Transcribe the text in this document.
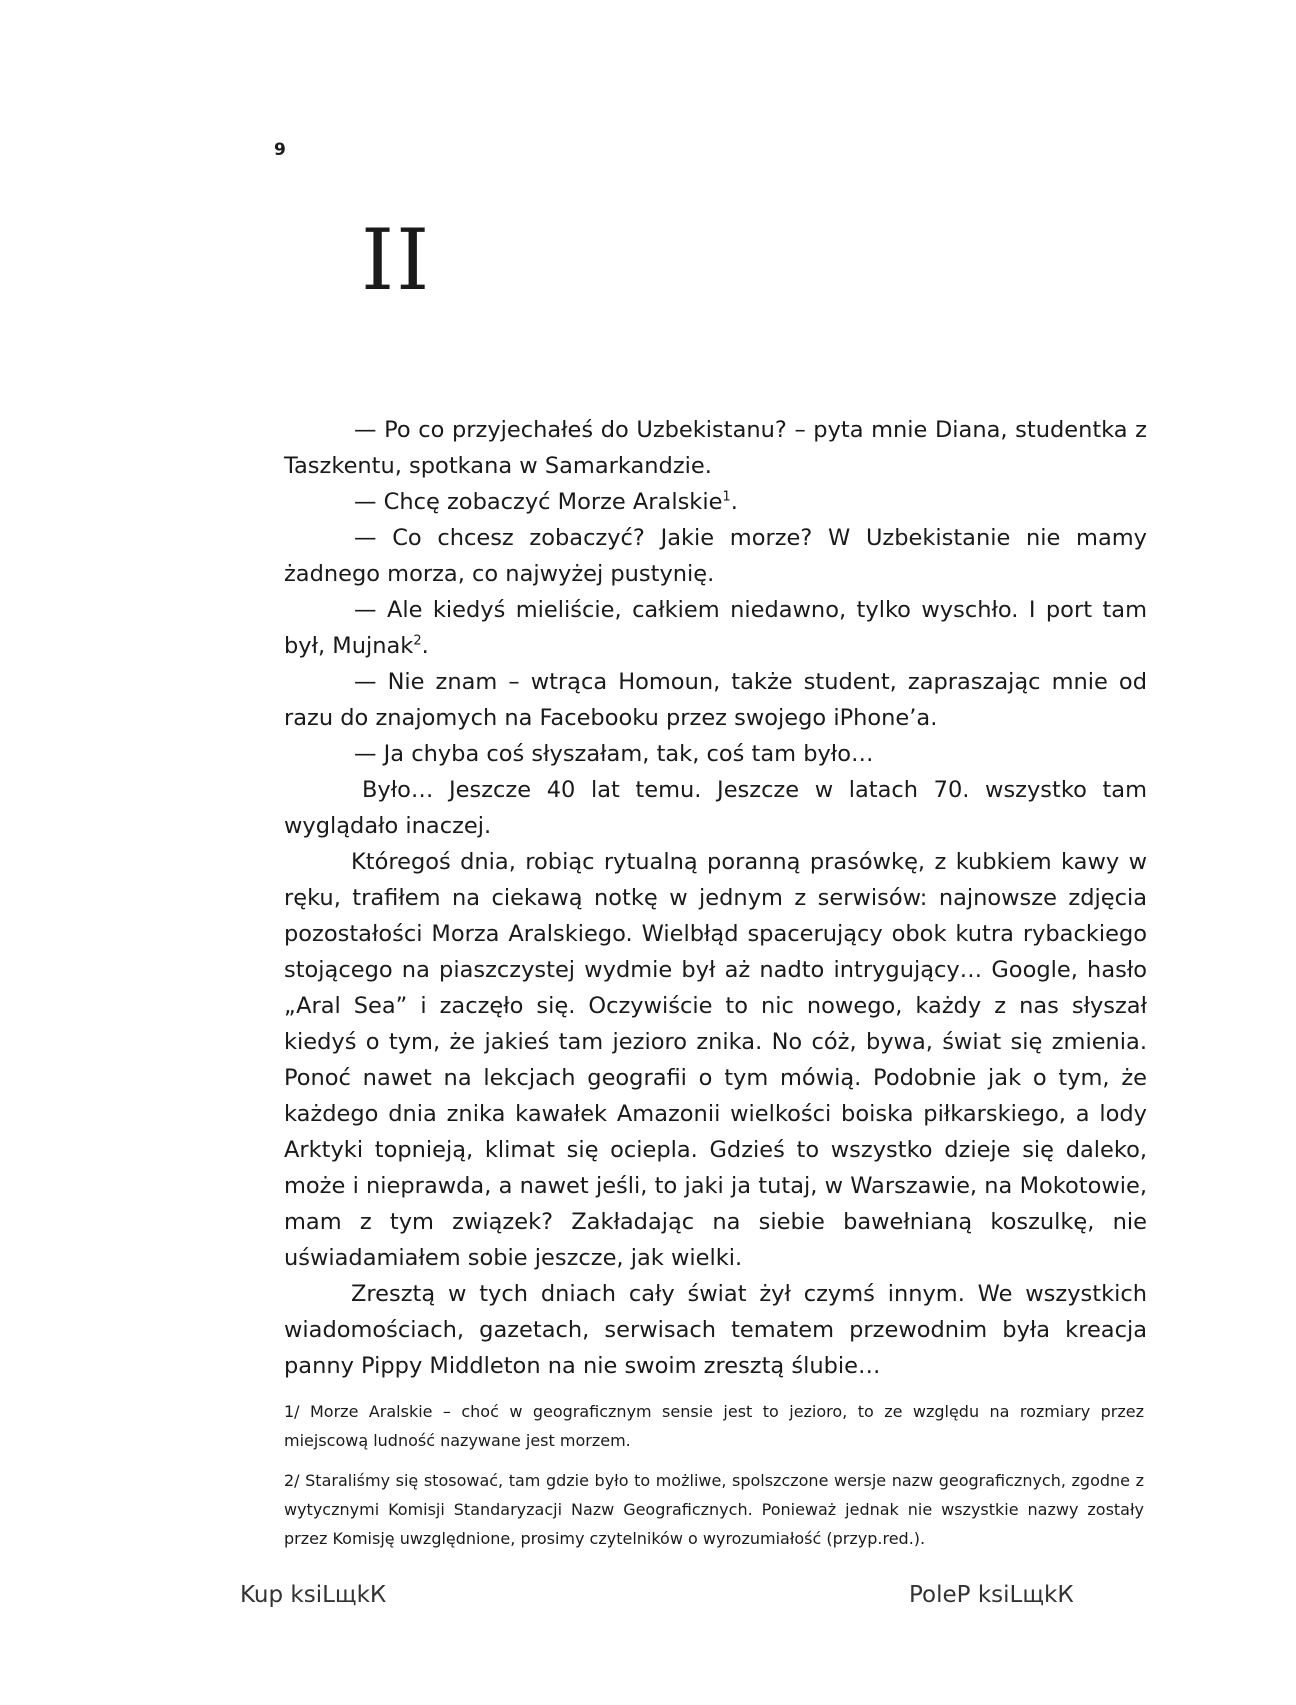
9
II

— Po co przyjechałeś do Uzbekistanu? – pyta mnie Diana, studentka z Taszkentu, spotkana w Samarkandzie.

— Chcę zobaczyć Morze Aralskie$^1$.

— Co chcesz zobaczyć? Jakie morze? W Uzbekistanie nie mamy żadnego morza, co najwyżej pustynię.

— Ale kiedyś mieliście, całkiem niedawno, tylko wyschło. I port tam był, Mujnak$^2$.

— Nie znam – wtrąca Homoun, także student, zapraszając mnie od razu do znajomych na Facebooku przez swojego iPhone’a.

— Ja chyba coś słyszałam, tak, coś tam było…

Było… Jeszcze 40 lat temu. Jeszcze w latach 70. wszystko tam wyglądało inaczej.

Któregoś dnia, robiąc rytualną poranną prasówkę, z kubkiem kawy w ręku, trafiłem na ciekawą notkę w jednym z serwisów: najnowsze zdjęcia pozostałości Morza Aralskiego. Wielbłąd spacerujący obok kutra rybackiego stojącego na piaszczystej wydmie był aż nadto intrygujący… Google, hasło „Aral Sea” i zaczęło się. Oczywiście to nic nowego, każdy z nas słyszał kiedyś o tym, że jakieś tam jezioro znika. No cóż, bywa, świat się zmienia. Ponoć nawet na lekcjach geografii o tym mówią. Podobnie jak o tym, że każdego dnia znika kawałek Amazonii wielkości boiska piłkarskiego, a lody Arktyki topnieją, klimat się ociepla. Gdzieś to wszystko dzieje się daleko, może i nieprawda, a nawet jeśli, to jaki ja tutaj, w Warszawie, na Mokotowie, mam z tym związek? Zakładając na siebie bawełnianą koszulkę, nie uświadamiałem sobie jeszcze, jak wielki.

Zresztą w tych dniach cały świat żył czymś innym. We wszystkich wiadomościach, gazetach, serwisach tematem przewodnim była kreacja panny Pippy Middleton na nie swoim zresztą ślubie…

1/ Morze Aralskie – choć w geograficznym sensie jest to jezioro, to ze względu na rozmiary przez miejscową ludność nazywane jest morzem.

2/ Staraliśmy się stosować, tam gdzie było to możliwe, spolszczone wersje nazw geograficznych, zgodne z wytycznymi Komisji Standaryzacji Nazw Geograficznych. Ponieważ jednak nie wszystkie nazwy zostały przez Komisję uwzględnione, prosimy czytelników o wyrozumiałość (przyp.red.).

Kup ksiLщkК	PoleР ksiLщkК
